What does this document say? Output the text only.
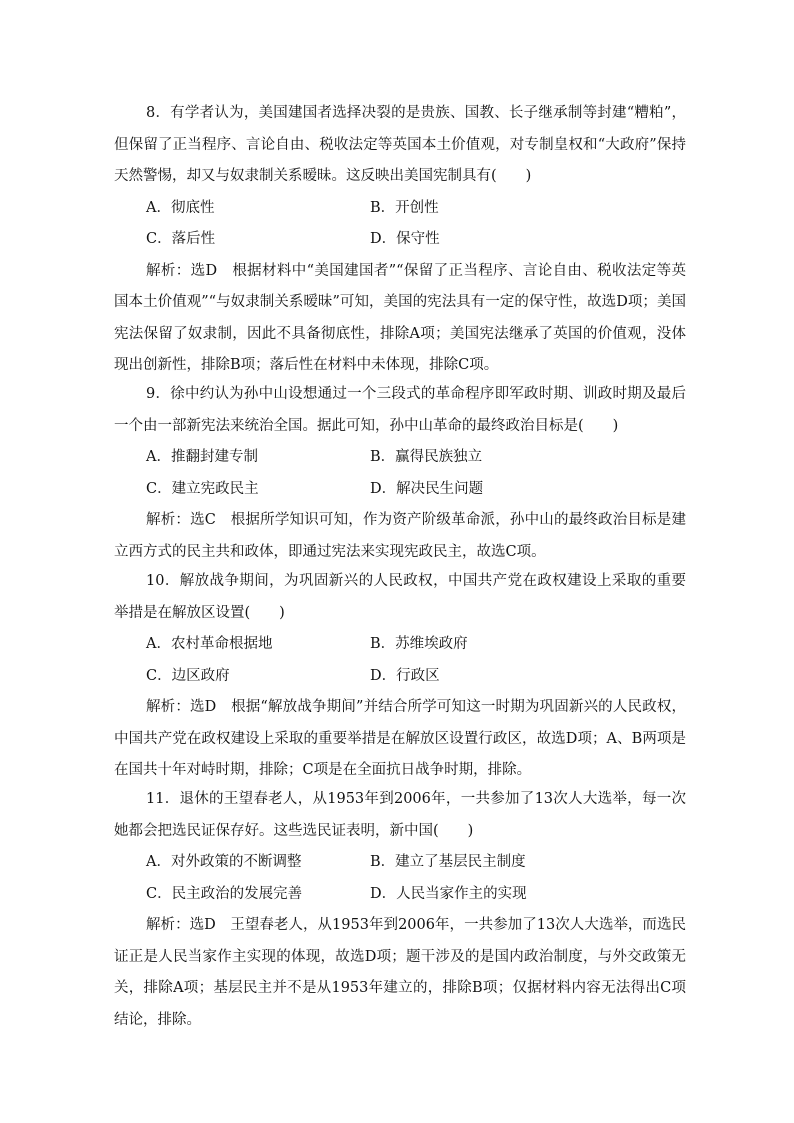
8．有学者认为，美国建国者选择决裂的是贵族、国教、长子继承制等封建“糟粕”，但保留了正当程序、言论自由、税收法定等英国本土价值观，对专制皇权和“大政府”保持天然警惕，却又与奴隶制关系暧昧。这反映出美国宪制具有(　　)

A．彻底性	B．开创性
C．落后性	D．保守性

解析：选D　根据材料中“美国建国者”“保留了正当程序、言论自由、税收法定等英国本土价值观”“与奴隶制关系暧昧”可知，美国的宪法具有一定的保守性，故选D项；美国宪法保留了奴隶制，因此不具备彻底性，排除A项；美国宪法继承了英国的价值观，没体现出创新性，排除B项；落后性在材料中未体现，排除C项。

9．徐中约认为孙中山设想通过一个三段式的革命程序即军政时期、训政时期及最后一个由一部新宪法来统治全国。据此可知，孙中山革命的最终政治目标是(　　)

A．推翻封建专制	B．赢得民族独立
C．建立宪政民主	D．解决民生问题

解析：选C　根据所学知识可知，作为资产阶级革命派，孙中山的最终政治目标是建立西方式的民主共和政体，即通过宪法来实现宪政民主，故选C项。

10．解放战争期间，为巩固新兴的人民政权，中国共产党在政权建设上采取的重要举措是在解放区设置(　　)

A．农村革命根据地	B．苏维埃政府
C．边区政府	D．行政区

解析：选D　根据“解放战争期间”并结合所学可知这一时期为巩固新兴的人民政权，中国共产党在政权建设上采取的重要举措是在解放区设置行政区，故选D项；A、B两项是在国共十年对峙时期，排除；C项是在全面抗日战争时期，排除。

11．退休的王望春老人，从1953年到2006年，一共参加了13次人大选举，每一次她都会把选民证保存好。这些选民证表明，新中国(　　)

A．对外政策的不断调整	B．建立了基层民主制度
C．民主政治的发展完善	D．人民当家作主的实现

解析：选D　王望春老人，从1953年到2006年，一共参加了13次人大选举，而选民证正是人民当家作主实现的体现，故选D项；题干涉及的是国内政治制度，与外交政策无关，排除A项；基层民主并不是从1953年建立的，排除B项；仅据材料内容无法得出C项结论，排除。
